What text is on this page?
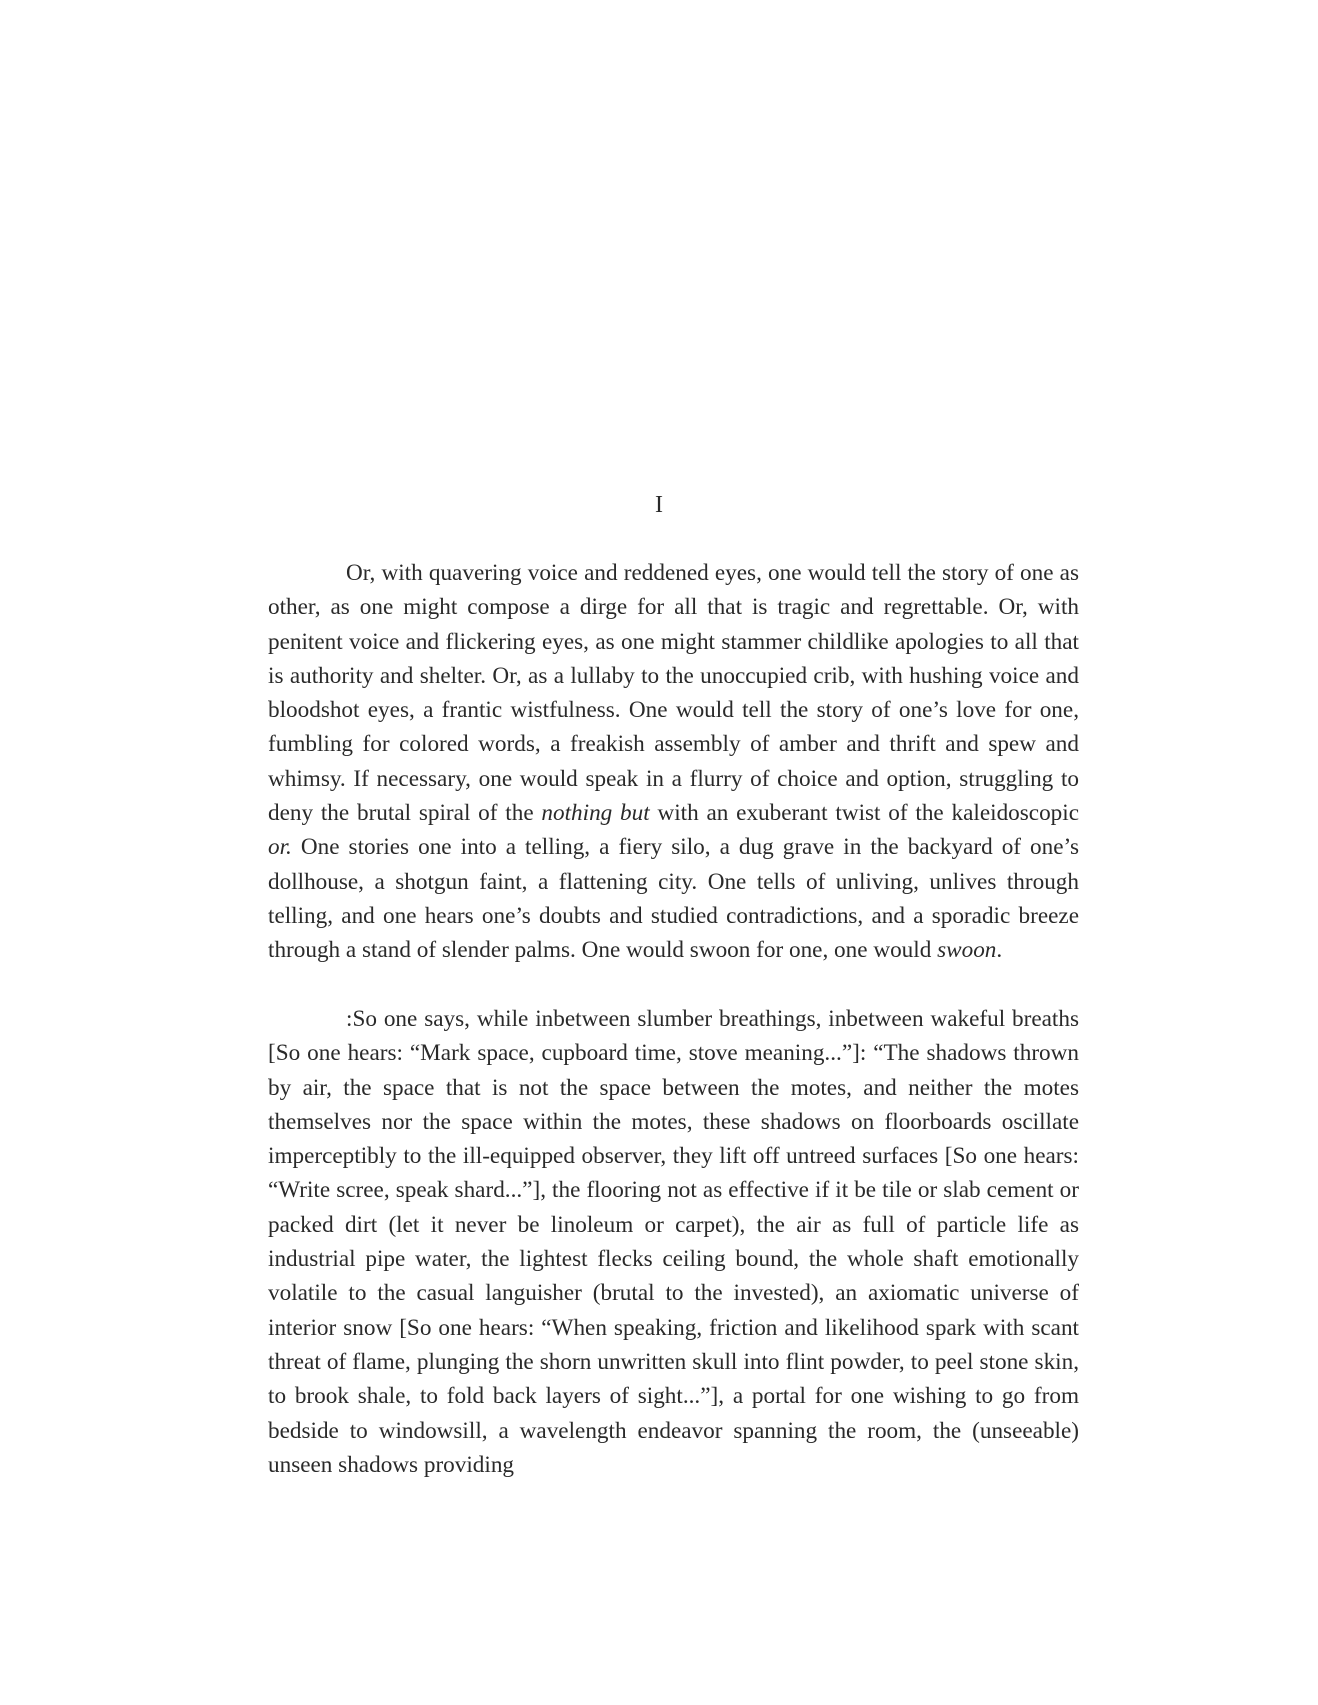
I

Or, with quavering voice and reddened eyes, one would tell the story of one as other, as one might compose a dirge for all that is tragic and regrettable. Or, with penitent voice and flickering eyes, as one might stammer childlike apologies to all that is authority and shelter. Or, as a lullaby to the unoccupied crib, with hushing voice and bloodshot eyes, a frantic wistfulness. One would tell the story of one’s love for one, fumbling for colored words, a freakish assembly of amber and thrift and spew and whimsy. If necessary, one would speak in a flurry of choice and option, struggling to deny the brutal spiral of the nothing but with an exuberant twist of the kaleidoscopic or. One stories one into a telling, a fiery silo, a dug grave in the backyard of one’s dollhouse, a shotgun faint, a flattening city. One tells of unliving, unlives through telling, and one hears one’s doubts and studied contradictions, and a sporadic breeze through a stand of slender palms. One would swoon for one, one would swoon.

:So one says, while inbetween slumber breathings, inbetween wakeful breaths [So one hears: “Mark space, cupboard time, stove meaning...”]: “The shadows thrown by air, the space that is not the space between the motes, and neither the motes themselves nor the space within the motes, these shadows on floorboards oscillate imperceptibly to the ill-equipped observer, they lift off untreed surfaces [So one hears: “Write scree, speak shard...”], the flooring not as effective if it be tile or slab cement or packed dirt (let it never be linoleum or carpet), the air as full of particle life as industrial pipe water, the lightest flecks ceiling bound, the whole shaft emotionally volatile to the casual languisher (brutal to the invested), an axiomatic universe of interior snow [So one hears: “When speaking, friction and likelihood spark with scant threat of flame, plunging the shorn unwritten skull into flint powder, to peel stone skin, to brook shale, to fold back layers of sight...”], a portal for one wishing to go from bedside to windowsill, a wavelength endeavor spanning the room, the (unseeable) unseen shadows providing
